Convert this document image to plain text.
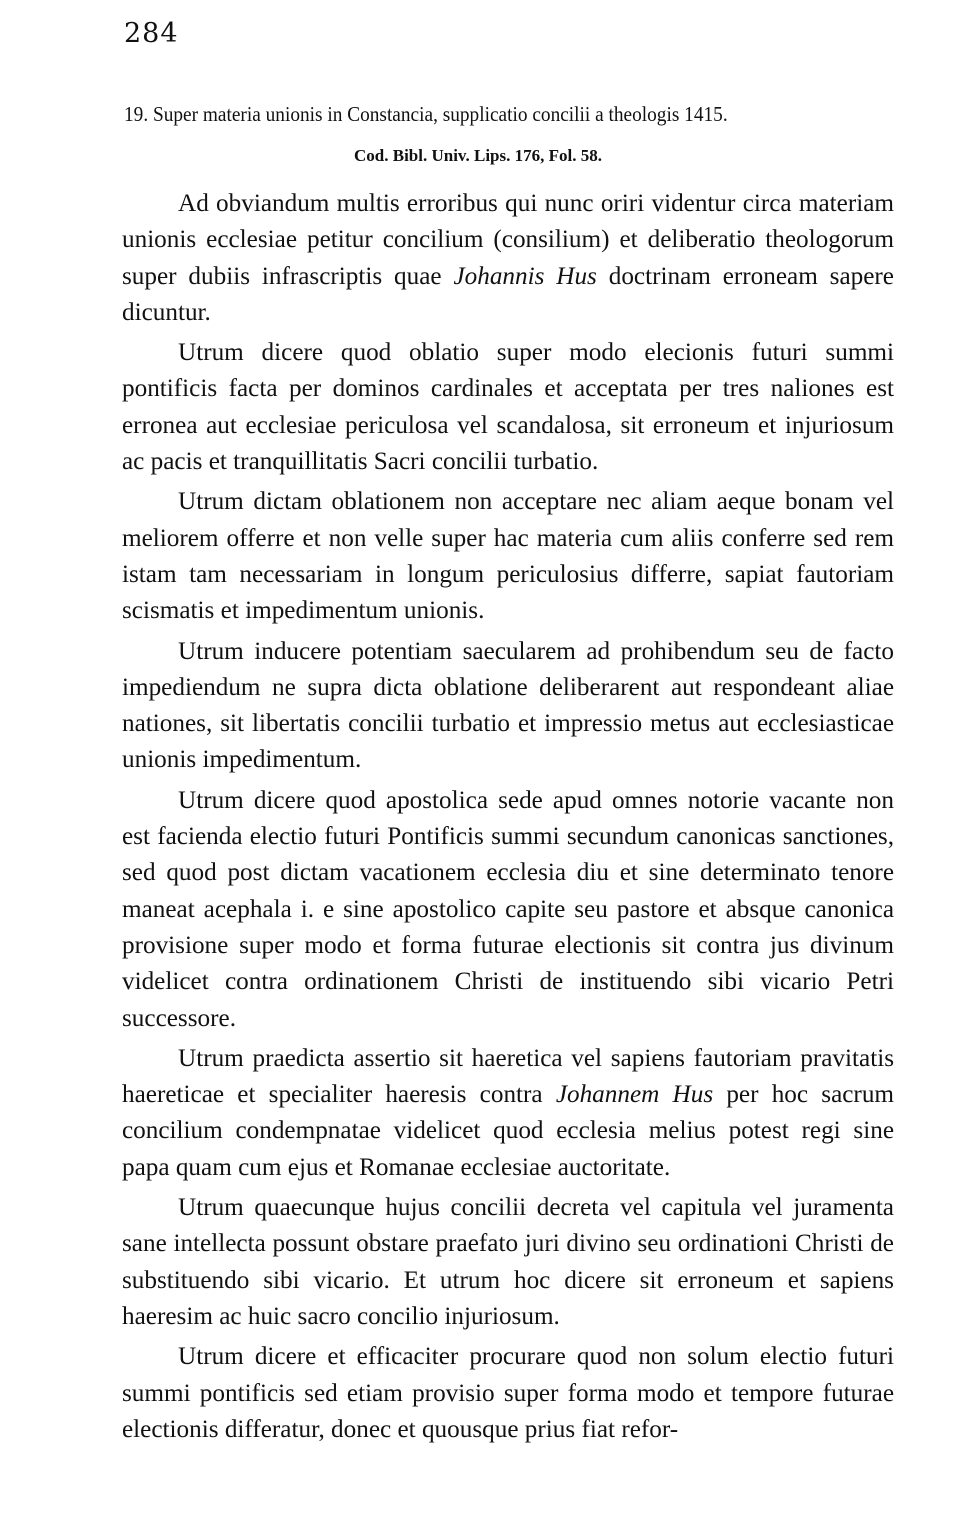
284
19. Super materia unionis in Constancia, supplicatio concilii a theologis 1415.
Cod. Bibl. Univ. Lips. 176, Fol. 58.

Ad obviandum multis erroribus qui nunc oriri videntur circa materiam unionis ecclesiae petitur concilium (consilium) et deliberatio theologorum super dubiis infrascriptis quae Johannis Hus doctrinam erroneam sapere dicuntur.

Utrum dicere quod oblatio super modo elecionis futuri summi pontificis facta per dominos cardinales et acceptata per tres naliones est erronea aut ecclesiae periculosa vel scandalosa, sit erroneum et injuriosum ac pacis et tranquillitatis Sacri concilii turbatio.

Utrum dictam oblationem non acceptare nec aliam aeque bonam vel meliorem offerre et non velle super hac materia cum aliis conferre sed rem istam tam necessariam in longum periculosius differre, sapiat fautoriam scismatis et impedimentum unionis.

Utrum inducere potentiam saecularem ad prohibendum seu de facto impediendum ne supra dicta oblatione deliberarent aut respondeant aliae nationes, sit libertatis concilii turbatio et impressio metus aut ecclesiasticae unionis impedimentum.

Utrum dicere quod apostolica sede apud omnes notorie vacante non est facienda electio futuri Pontificis summi secundum canonicas sanctiones, sed quod post dictam vacationem ecclesia diu et sine determinato tenore maneat acephala i. e sine apostolico capite seu pastore et absque canonica provisione super modo et forma futurae electionis sit contra jus divinum videlicet contra ordinationem Christi de instituendo sibi vicario Petri successore.

Utrum praedicta assertio sit haeretica vel sapiens fautoriam pravitatis haereticae et specialiter haeresis contra Johannem Hus per hoc sacrum concilium condempnatae videlicet quod ecclesia melius potest regi sine papa quam cum ejus et Romanae ecclesiae auctoritate.

Utrum quaecunque hujus concilii decreta vel capitula vel juramenta sane intellecta possunt obstare praefato juri divino seu ordinationi Christi de substituendo sibi vicario. Et utrum hoc dicere sit erroneum et sapiens haeresim ac huic sacro concilio injuriosum.

Utrum dicere et efficaciter procurare quod non solum electio futuri summi pontificis sed etiam provisio super forma modo et tempore futurae electionis differatur, donec et quousque prius fiat refor-
